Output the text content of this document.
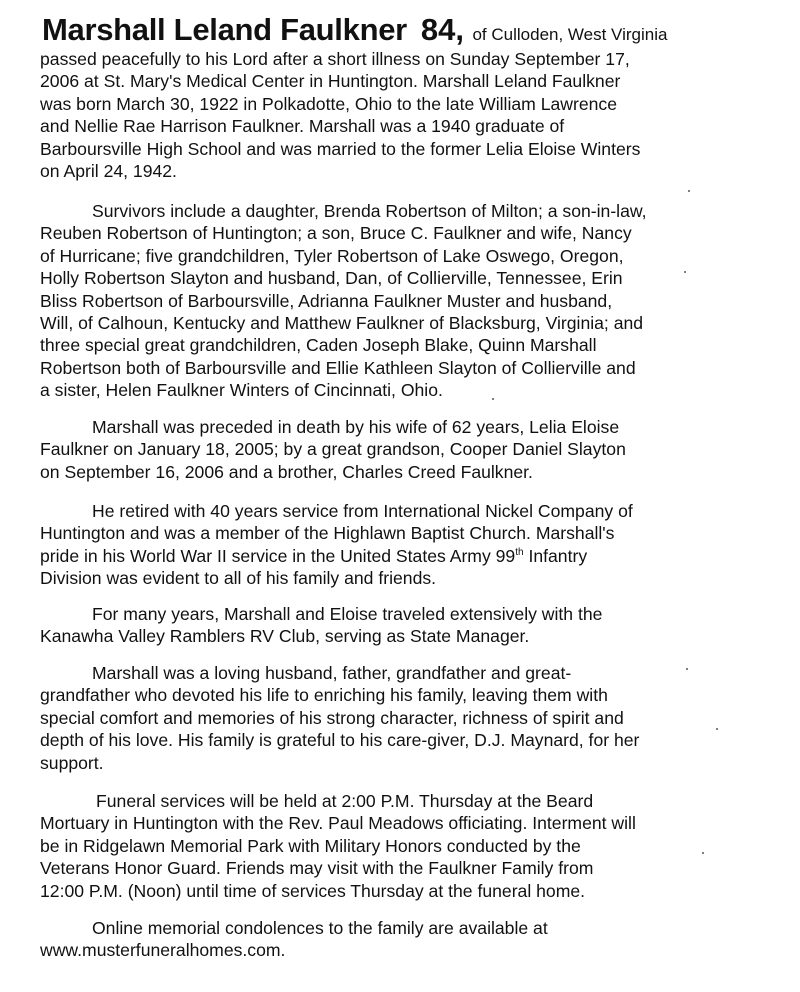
Marshall Leland Faulkner 84, of Culloden, West Virginia

passed peacefully to his Lord after a short illness on Sunday September 17,
2006 at St. Mary's Medical Center in Huntington. Marshall Leland Faulkner
was born March 30, 1922 in Polkadotte, Ohio to the late William Lawrence
and Nellie Rae Harrison Faulkner. Marshall was a 1940 graduate of
Barboursville High School and was married to the former Lelia Eloise Winters
on April 24, 1942.

Survivors include a daughter, Brenda Robertson of Milton; a son-in-law,
Reuben Robertson of Huntington; a son, Bruce C. Faulkner and wife, Nancy
of Hurricane; five grandchildren, Tyler Robertson of Lake Oswego, Oregon,
Holly Robertson Slayton and husband, Dan, of Collierville, Tennessee, Erin
Bliss Robertson of Barboursville, Adrianna Faulkner Muster and husband,
Will, of Calhoun, Kentucky and Matthew Faulkner of Blacksburg, Virginia; and
three special great grandchildren, Caden Joseph Blake, Quinn Marshall
Robertson both of Barboursville and Ellie Kathleen Slayton of Collierville and
a sister, Helen Faulkner Winters of Cincinnati, Ohio.

Marshall was preceded in death by his wife of 62 years, Lelia Eloise
Faulkner on January 18, 2005; by a great grandson, Cooper Daniel Slayton
on September 16, 2006 and a brother, Charles Creed Faulkner.

He retired with 40 years service from International Nickel Company of
Huntington and was a member of the Highlawn Baptist Church. Marshall's
pride in his World War II service in the United States Army 99th Infantry
Division was evident to all of his family and friends.

For many years, Marshall and Eloise traveled extensively with the
Kanawha Valley Ramblers RV Club, serving as State Manager.

Marshall was a loving husband, father, grandfather and great-
grandfather who devoted his life to enriching his family, leaving them with
special comfort and memories of his strong character, richness of spirit and
depth of his love. His family is grateful to his care-giver, D.J. Maynard, for her
support.

Funeral services will be held at 2:00 P.M. Thursday at the Beard
Mortuary in Huntington with the Rev. Paul Meadows officiating. Interment will
be in Ridgelawn Memorial Park with Military Honors conducted by the
Veterans Honor Guard. Friends may visit with the Faulkner Family from
12:00 P.M. (Noon) until time of services Thursday at the funeral home.

Online memorial condolences to the family are available at
www.musterfuneralhomes.com.
